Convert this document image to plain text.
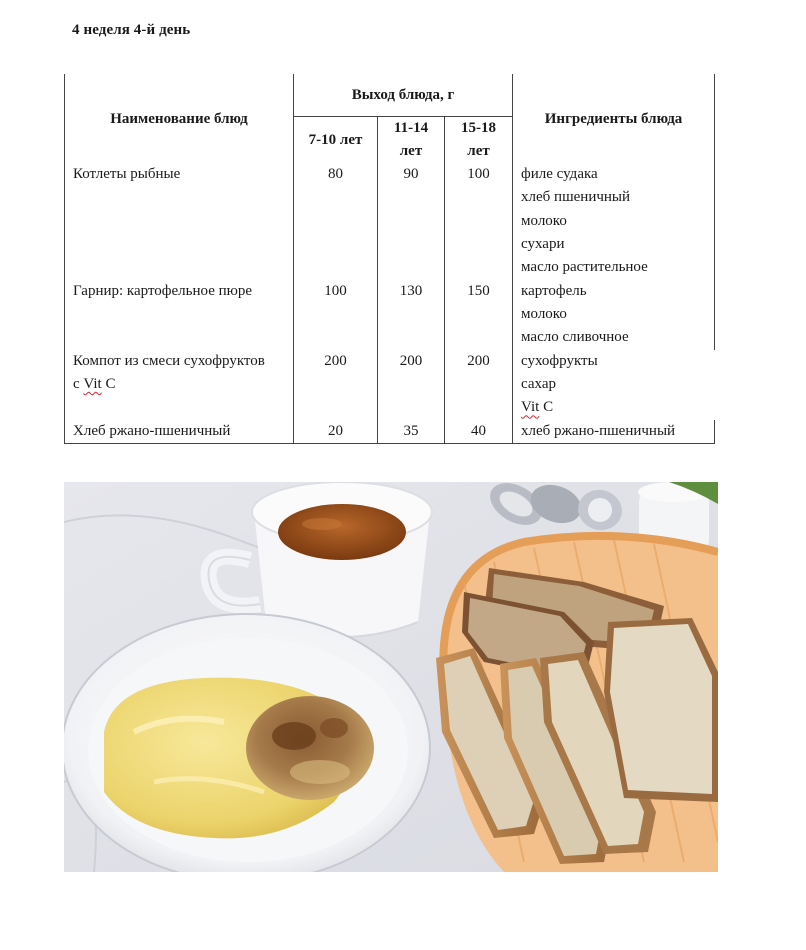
4 неделя 4-й день
Наименование блюд	Выход блюда, г			Ингредиенты блюда
	7-10 лет	11-14 лет	15-18 лет	
Котлеты рыбные	80	90	100	филе судака
				хлеб пшеничный
				молоко
				сухари
				масло растительное
Гарнир: картофельное пюре	100	130	150	картофель
				молоко
				масло сливочное
Компот из смеси сухофруктов	200	200	200	сухофрукты
с Vit С				сахар
				Vit С
Хлеб ржано-пшеничный	20	35	40	хлеб ржано-пшеничный
